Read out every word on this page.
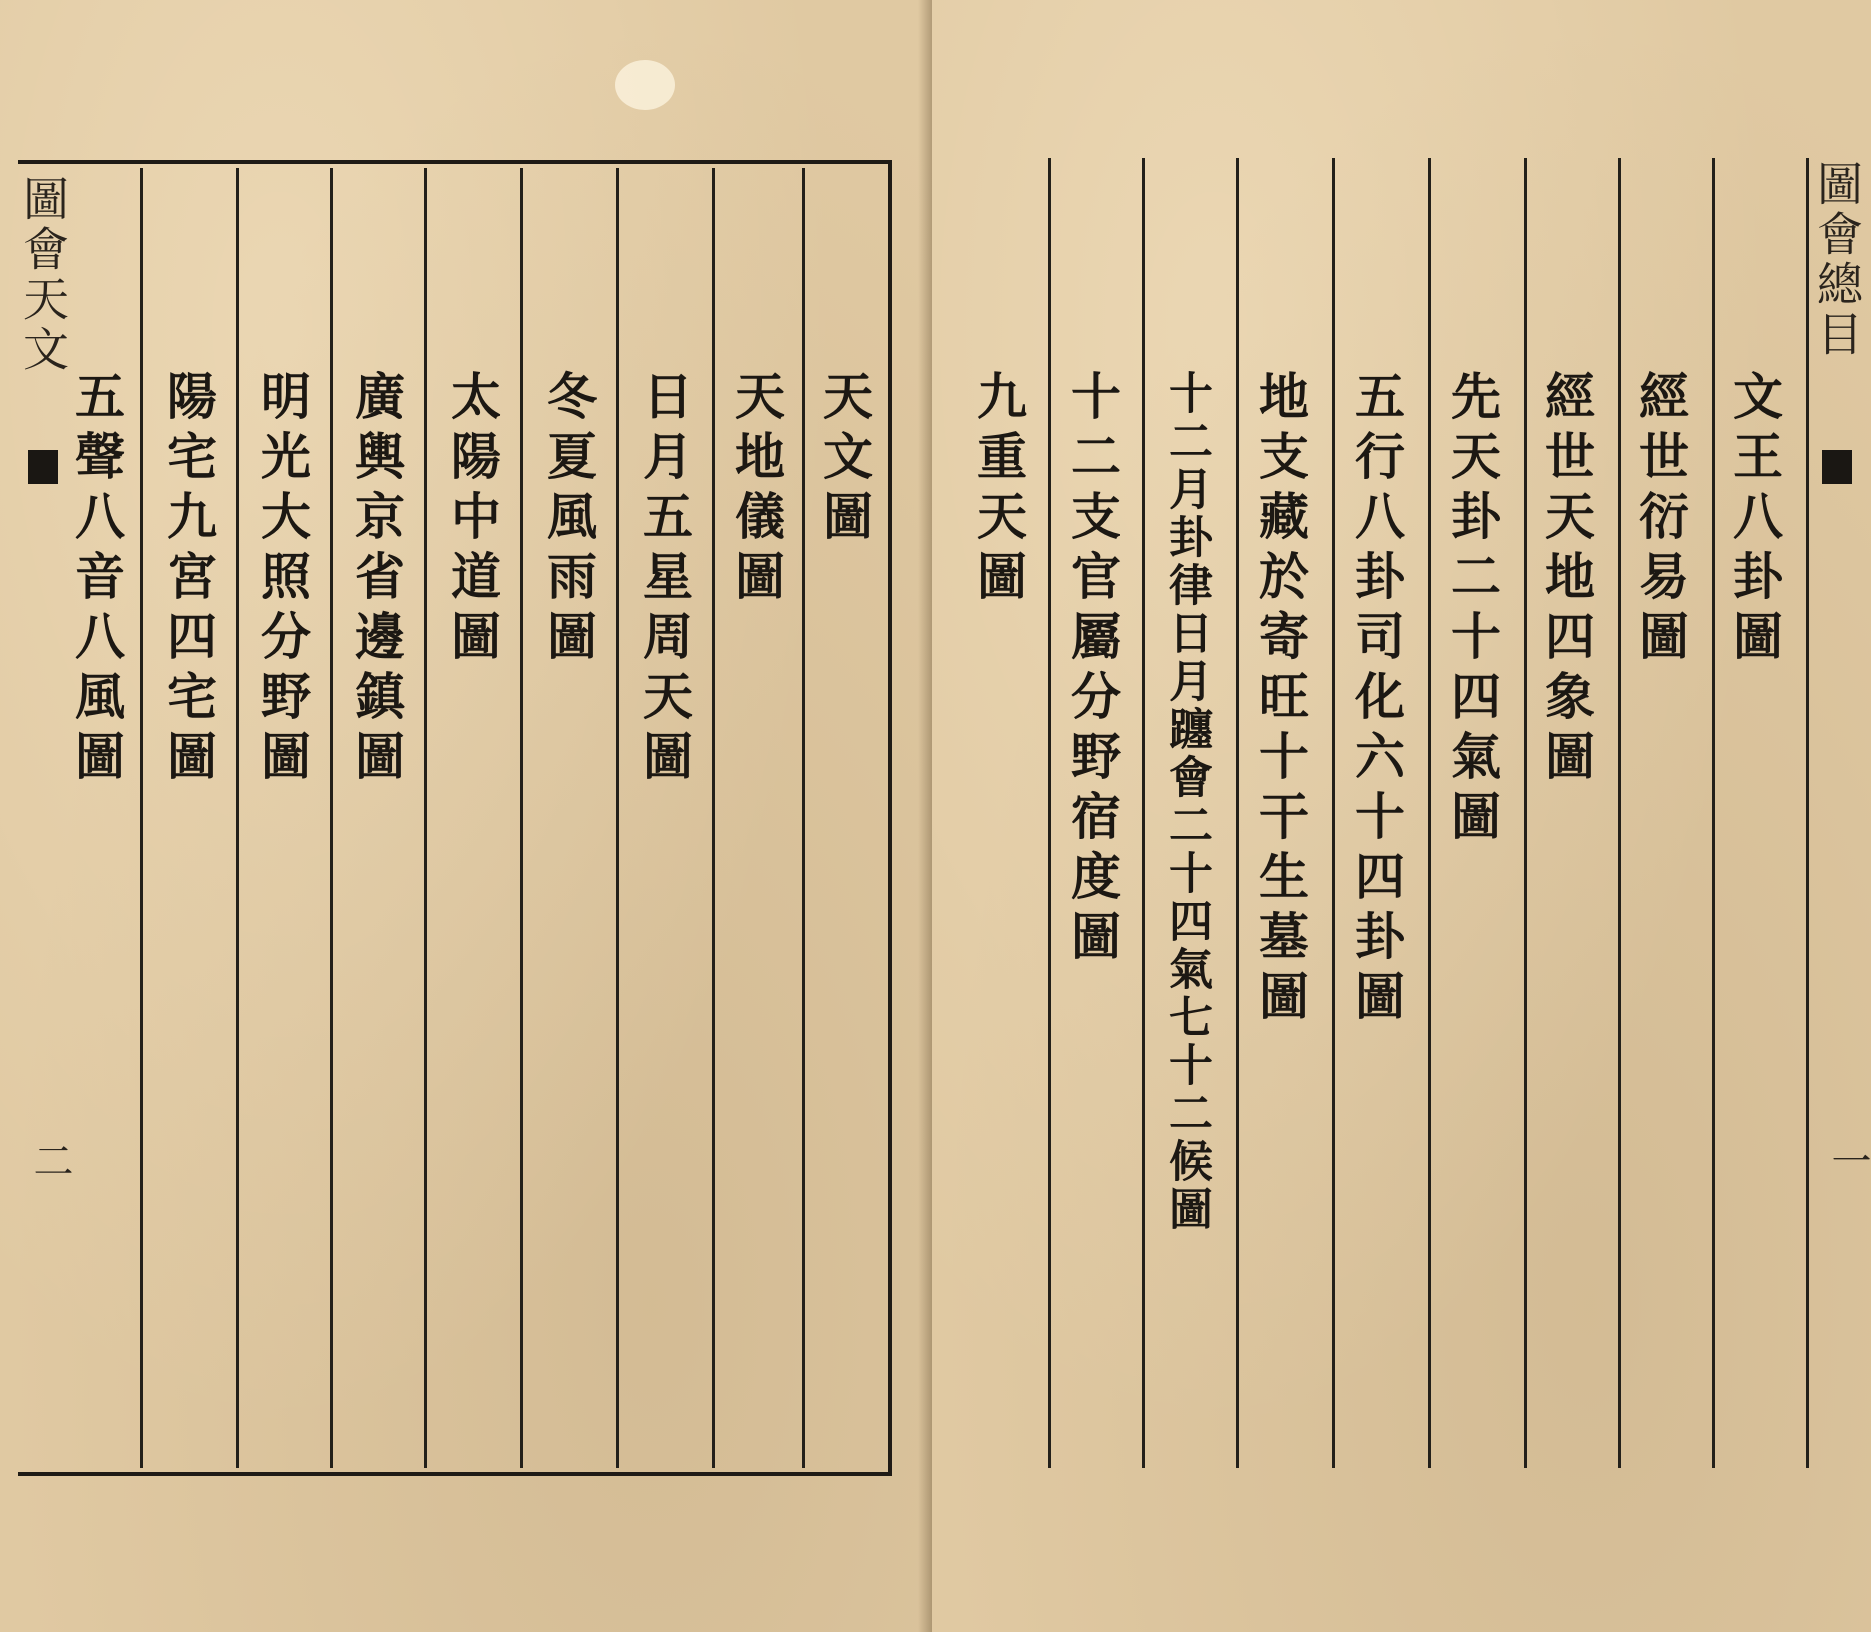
圖會天文
二
天文圖
天地儀圖
日月五星周天圖
冬夏風雨圖
太陽中道圖
廣輿京省邊鎮圖
明光大照分野圖
陽宅九宮四宅圖
五聲八音八風圖
圖會總目
一
文王八卦圖
經世衍易圖
經世天地四象圖
先天卦二十四氣圖
五行八卦司化六十四卦圖
地支藏於寄旺十干生墓圖
十二月卦律日月躔會二十四氣七十二候圖
十二支官屬分野宿度圖
九重天圖
